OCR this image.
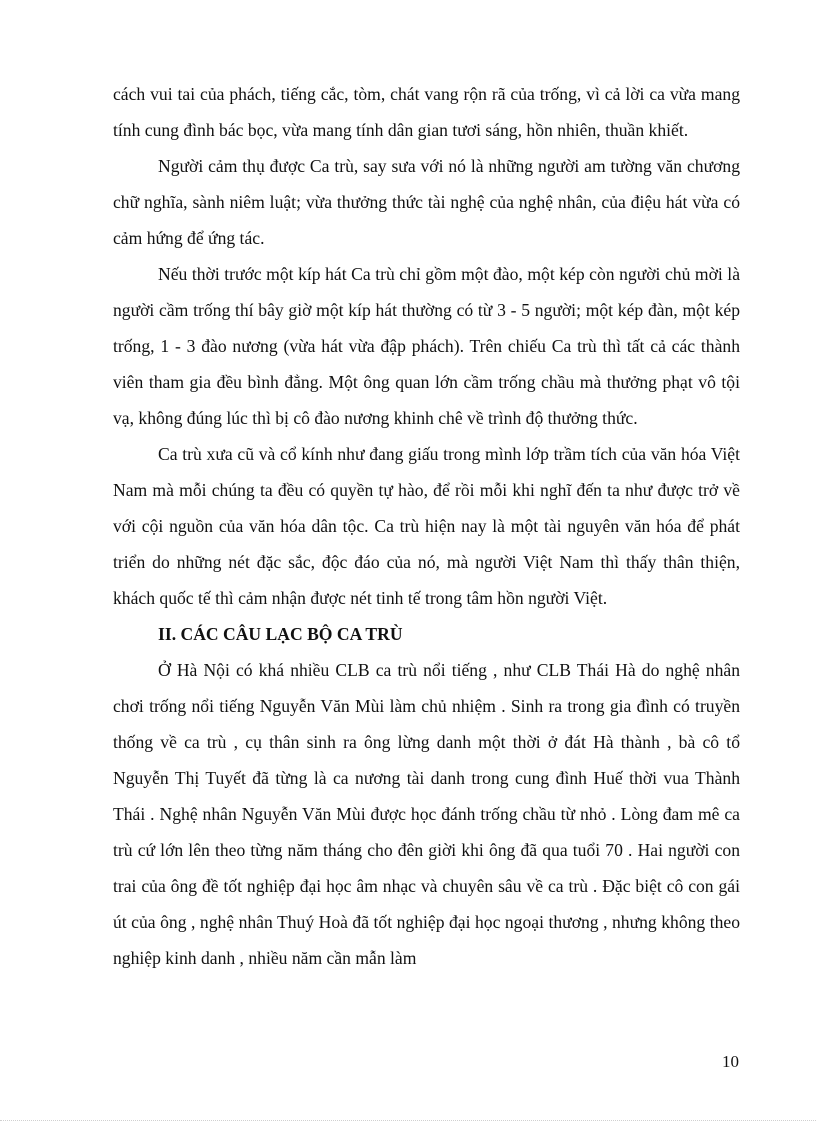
cách vui tai của phách, tiếng cắc, tòm, chát vang rộn rã của trống, vì cả lời ca vừa mang tính cung đình bác bọc, vừa mang tính dân gian tươi sáng, hồn nhiên, thuần khiết.

Người cảm thụ được Ca trù, say sưa với nó là những người am tường văn chương chữ nghĩa, sành niêm luật; vừa thưởng thức tài nghệ của nghệ nhân, của điệu hát vừa có cảm hứng để ứng tác.

Nếu thời trước một kíp hát Ca trù chỉ gồm một đào, một kép còn người chủ mời là người cầm trống thí bây giờ một kíp hát thường có từ 3 - 5 người; một kép đàn, một kép trống, 1 - 3 đào nương (vừa hát vừa đập phách). Trên chiếu Ca trù thì tất cả các thành viên tham gia đều bình đẳng. Một ông quan lớn cầm trống chầu mà thưởng phạt vô tội vạ, không đúng lúc thì bị cô đào nương khinh chê về trình độ thưởng thức.

Ca trù xưa cũ và cổ kính như đang giấu trong mình lớp trầm tích của văn hóa Việt Nam mà mỗi chúng ta đều có quyền tự hào, để rồi mỗi khi nghĩ đến ta như được trở về với cội nguồn của văn hóa dân tộc. Ca trù hiện nay là một tài nguyên văn hóa để phát triển do những nét đặc sắc, độc đáo của nó, mà người Việt Nam thì thấy thân thiện, khách quốc tế thì cảm nhận được nét tinh tế trong tâm hồn người Việt.

II. CÁC CÂU LẠC BỘ CA TRÙ

Ở Hà Nội có khá nhiều CLB ca trù nổi tiếng , như CLB Thái Hà do nghệ nhân chơi trống nổi tiếng Nguyễn Văn Mùi làm chủ nhiệm . Sinh ra trong gia đình có truyền thống về ca trù , cụ thân sinh ra ông lừng danh một thời ở đát Hà thành , bà cô tổ Nguyễn Thị Tuyết đã từng là ca nương tài danh trong cung đình Huế thời vua Thành Thái . Nghệ nhân Nguyễn Văn Mùi được học đánh trống chầu từ nhỏ . Lòng đam mê ca trù cứ lớn lên theo từng năm tháng cho đên giời khi ông đã qua tuổi 70 . Hai người con trai của ông đề tốt nghiệp đại học âm nhạc và chuyên sâu về ca trù . Đặc biệt cô con gái út của ông , nghệ nhân Thuý Hoà đã tốt nghiệp đại học ngoại thương , nhưng không theo nghiệp kinh danh , nhiều năm cần mẫn làm

10
